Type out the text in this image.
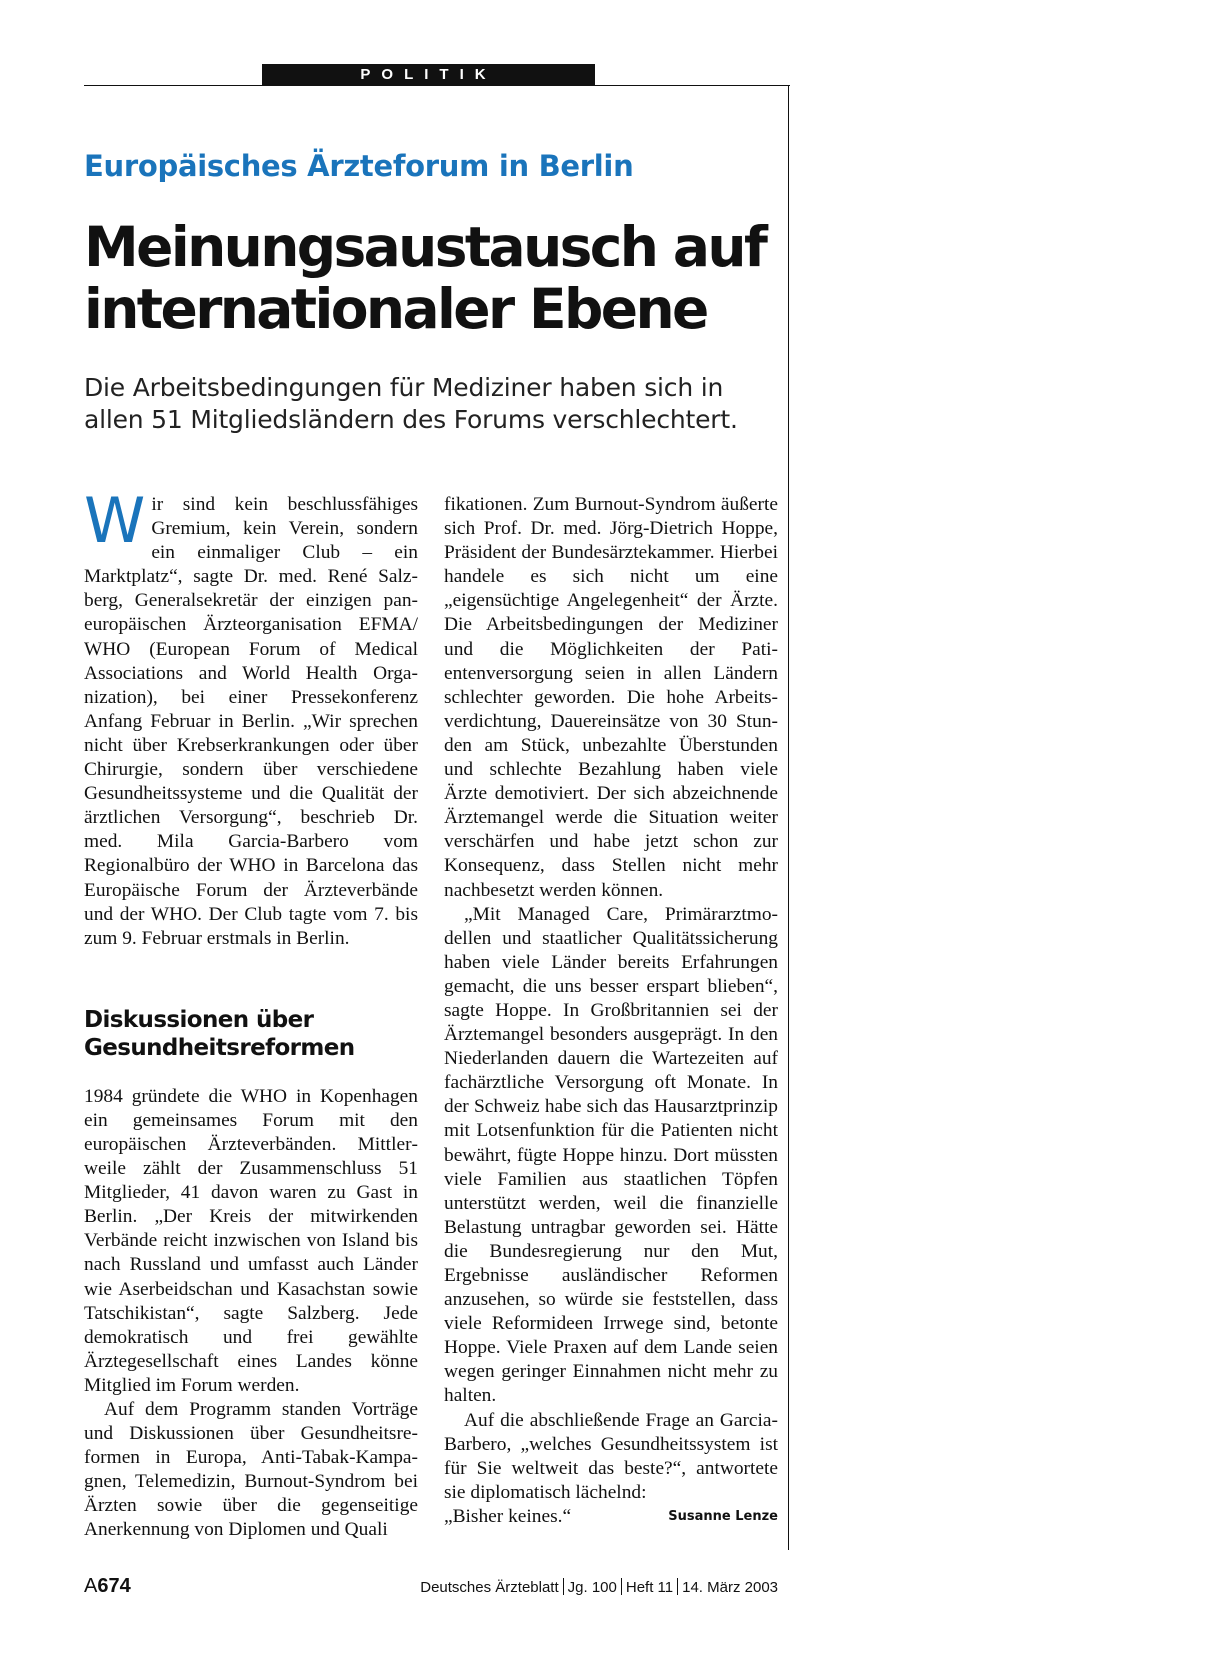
POLITIK
Europäisches Ärzteforum in Berlin
Meinungsaustausch auf internationaler Ebene
Die Arbeitsbedingungen für Mediziner haben sich in allen 51 Mitgliedsländern des Forums verschlechtert.

Wir sind kein beschlussfähiges Gremium, kein Verein, sondern ein einmaliger Club – ein Marktplatz“, sagte Dr. med. René Salzberg, Generalsekretär der einzigen paneuropäischen Ärzteorganisation EFMA/ WHO (European Forum of Medical Associations and World Health Organization), bei einer Pressekonferenz Anfang Februar in Berlin. „Wir sprechen nicht über Krebserkrankungen oder über Chirurgie, sondern über verschiedene Gesundheitssysteme und die Qualität der ärztlichen Versorgung“, beschrieb Dr. med. Mila Garcia-Barbero vom Regionalbüro der WHO in Barcelona das Europäische Forum der Ärzteverbände und der WHO. Der Club tagte vom 7. bis zum 9. Februar erstmals in Berlin.

Diskussionen über Gesundheitsreformen

1984 gründete die WHO in Kopenhagen ein gemeinsames Forum mit den europäischen Ärzteverbänden. Mittlerweile zählt der Zusammenschluss 51 Mitglieder, 41 davon waren zu Gast in Berlin. „Der Kreis der mitwirkenden Verbände reicht inzwischen von Island bis nach Russland und umfasst auch Länder wie Aserbeidschan und Kasachstan sowie Tatschikistan“, sagte Salzberg. Jede demokratisch und frei gewählte Ärztegesellschaft eines Landes könne Mitglied im Forum werden.

Auf dem Programm standen Vorträge und Diskussionen über Gesundheitsreformen in Europa, Anti-Tabak-Kampagnen, Telemedizin, Burnout-Syndrom bei Ärzten sowie über die gegenseitige Anerkennung von Diplomen und Quali

fikationen. Zum Burnout-Syndrom äußerte sich Prof. Dr. med. Jörg-Dietrich Hoppe, Präsident der Bundesärztekammer. Hierbei handele es sich nicht um eine „eigensüchtige Angelegenheit“ der Ärzte. Die Arbeitsbedingungen der Mediziner und die Möglichkeiten der Patientenversorgung seien in allen Ländern schlechter geworden. Die hohe Arbeitsverdichtung, Dauereinsätze von 30 Stunden am Stück, unbezahlte Überstunden und schlechte Bezahlung haben viele Ärzte demotiviert. Der sich abzeichnende Ärztemangel werde die Situation weiter verschärfen und habe jetzt schon zur Konsequenz, dass Stellen nicht mehr nachbesetzt werden können.

„Mit Managed Care, Primärarztmodellen und staatlicher Qualitätssicherung haben viele Länder bereits Erfahrungen gemacht, die uns besser erspart blieben“, sagte Hoppe. In Großbritannien sei der Ärztemangel besonders ausgeprägt. In den Niederlanden dauern die Wartezeiten auf fachärztliche Versorgung oft Monate. In der Schweiz habe sich das Hausarztprinzip mit Lotsenfunktion für die Patienten nicht bewährt, fügte Hoppe hinzu. Dort müssten viele Familien aus staatlichen Töpfen unterstützt werden, weil die finanzielle Belastung untragbar geworden sei. Hätte die Bundesregierung nur den Mut, Ergebnisse ausländischer Reformen anzusehen, so würde sie feststellen, dass viele Reformideen Irrwege sind, betonte Hoppe. Viele Praxen auf dem Lande seien wegen geringer Einnahmen nicht mehr zu halten.

Auf die abschließende Frage an Garcia-Barbero, „welches Gesundheitssystem ist für Sie weltweit das beste?“, antwortete sie diplomatisch lächelnd:

Susanne Lenze
„Bisher keines.“

A674	Deutsches Ärzteblatt Jg. 100 Heft 11 14. März 2003
